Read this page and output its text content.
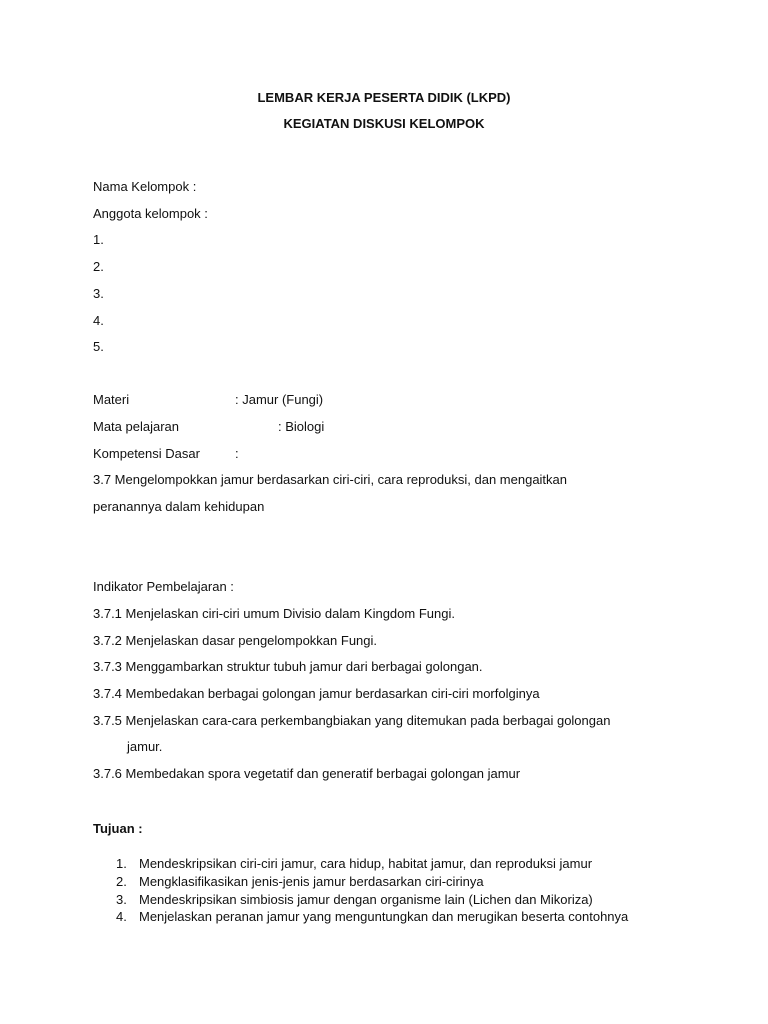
LEMBAR KERJA PESERTA DIDIK (LKPD)
KEGIATAN DISKUSI KELOMPOK
Nama Kelompok :
Anggota kelompok :
1.
2.
3.
4.
5.
Materi	: Jamur (Fungi)
Mata pelajaran	: Biologi
Kompetensi Dasar	:
3.7 Mengelompokkan jamur berdasarkan ciri-ciri, cara reproduksi, dan mengaitkan
peranannya dalam kehidupan
Indikator Pembelajaran :
3.7.1 Menjelaskan ciri-ciri umum Divisio dalam Kingdom Fungi.
3.7.2 Menjelaskan dasar pengelompokkan Fungi.
3.7.3 Menggambarkan struktur tubuh jamur dari berbagai golongan.
3.7.4 Membedakan berbagai golongan jamur berdasarkan ciri-ciri morfolginya
3.7.5 Menjelaskan cara-cara perkembangbiakan yang ditemukan pada berbagai golongan
jamur.
3.7.6 Membedakan spora vegetatif dan generatif berbagai golongan jamur
Tujuan :
1. Mendeskripsikan ciri-ciri jamur, cara hidup, habitat jamur, dan reproduksi jamur
2. Mengklasifikasikan jenis-jenis jamur berdasarkan ciri-cirinya
3. Mendeskripsikan simbiosis jamur dengan organisme lain (Lichen dan Mikoriza)
4. Menjelaskan peranan jamur yang menguntungkan dan merugikan beserta contohnya
